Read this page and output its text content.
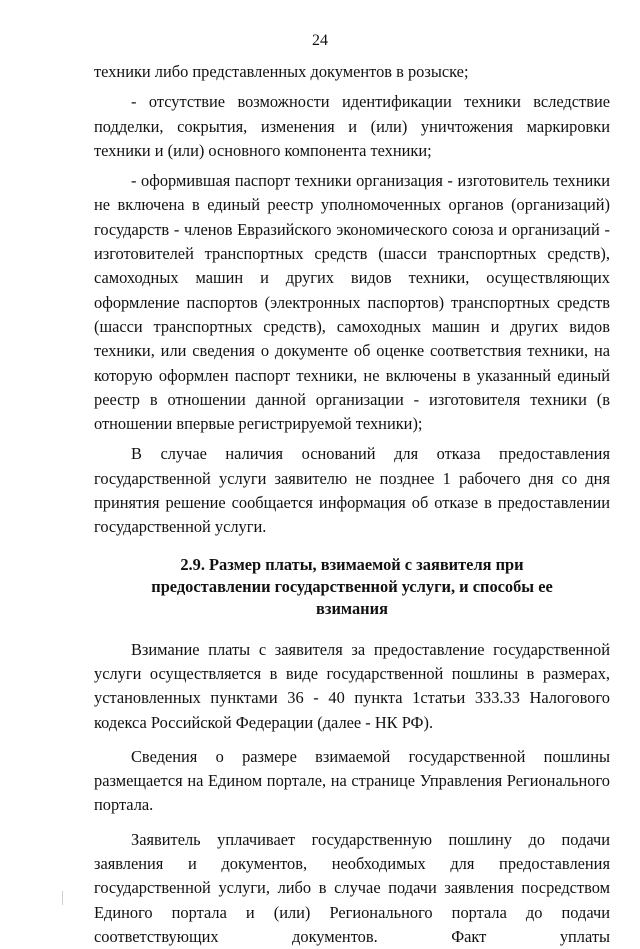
24

техники либо представленных документов в розыске;

- отсутствие возможности идентификации техники вследствие подделки, сокрытия, изменения и (или) уничтожения маркировки техники и (или) основного компонента техники;

- оформившая паспорт техники организация - изготовитель техники не включена в единый реестр уполномоченных органов (организаций) государств - членов Евразийского экономического союза и организаций - изготовителей транспортных средств (шасси транспортных средств), самоходных машин и других видов техники, осуществляющих оформление паспортов (электронных паспортов) транспортных средств (шасси транспортных средств), самоходных машин и других видов техники, или сведения о документе об оценке соответствия техники, на которую оформлен паспорт техники, не включены в указанный единый реестр в отношении данной организации - изготовителя техники (в отношении впервые регистрируемой техники);

В случае наличия оснований для отказа предоставления государственной услуги заявителю не позднее 1 рабочего дня со дня принятия решение сообщается информация об отказе в предоставлении государственной услуги.

2.9. Размер платы, взимаемой с заявителя при предоставлении государственной услуги, и способы ее взимания

Взимание платы с заявителя за предоставление государственной услуги осуществляется в виде государственной пошлины в размерах, установленных пунктами 36 - 40 пункта 1статьи 333.33 Налогового кодекса Российской Федерации (далее - НК РФ).

Сведения о размере взимаемой государственной пошлины размещается на Едином портале, на странице Управления Регионального портала.

Заявитель уплачивает государственную пошлину до подачи заявления и документов, необходимых для предоставления государственной услуги, либо в случае подачи заявления посредством Единого портала и (или) Регионального портала до подачи соответствующих документов. Факт уплаты
